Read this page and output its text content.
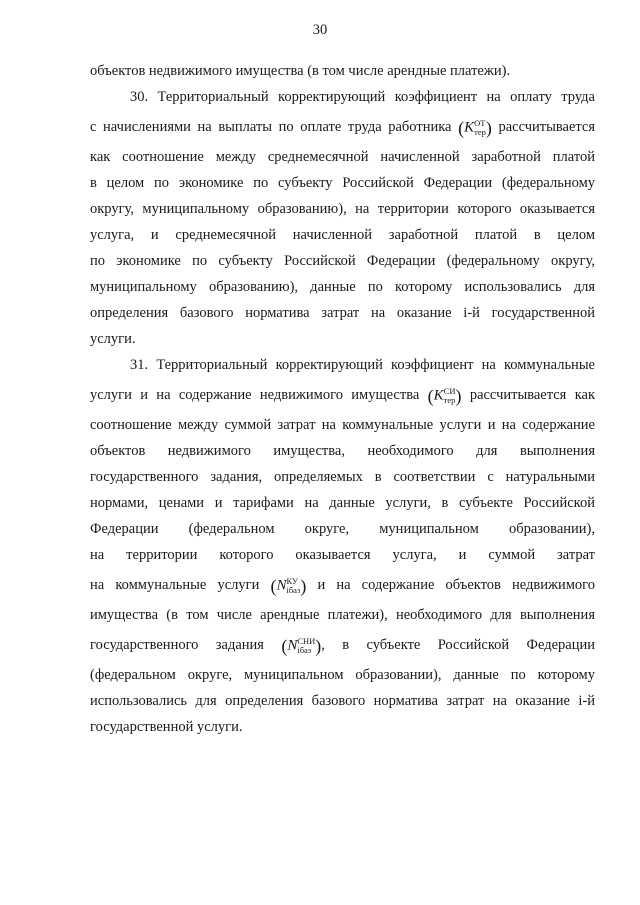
30
объектов недвижимого имущества (в том числе арендные платежи).
30. Территориальный корректирующий коэффициент на оплату труда
с начислениями на выплаты по оплате труда работника (K ОТ
тер ) рассчитывается
как соотношение между среднемесячной начисленной заработной платой
в целом по экономике по субъекту Российской Федерации (федеральному
округу, муниципальному образованию), на территории которого оказывается
услуга, и среднемесячной начисленной заработной платой в целом
по экономике по субъекту Российской Федерации (федеральному округу,
муниципальному образованию), данные по которому использовались для
определения базового норматива затрат на оказание і-й государственной
услуги.
31. Территориальный корректирующий коэффициент на коммунальные
услуги и на содержание недвижимого имущества (K СИ
тер ) рассчитывается как
соотношение между суммой затрат на коммунальные услуги и на содержание
объектов недвижимого имущества, необходимого для выполнения
государственного задания, определяемых в соответствии с натуральными
нормами, ценами и тарифами на данные услуги, в субъекте Российской
Федерации (федеральном округе, муниципальном образовании),
на территории которого оказывается услуга, и суммой затрат
на коммунальные услуги (N КУ
iбаз ) и на содержание объектов недвижимого
имущества (в том числе арендные платежи), необходимого для выполнения
государственного задания (N СНИ
iбаз ), в субъекте Российской Федерации
(федеральном округе, муниципальном образовании), данные по которому
использовались для определения базового норматива затрат на оказание і-й
государственной услуги.
